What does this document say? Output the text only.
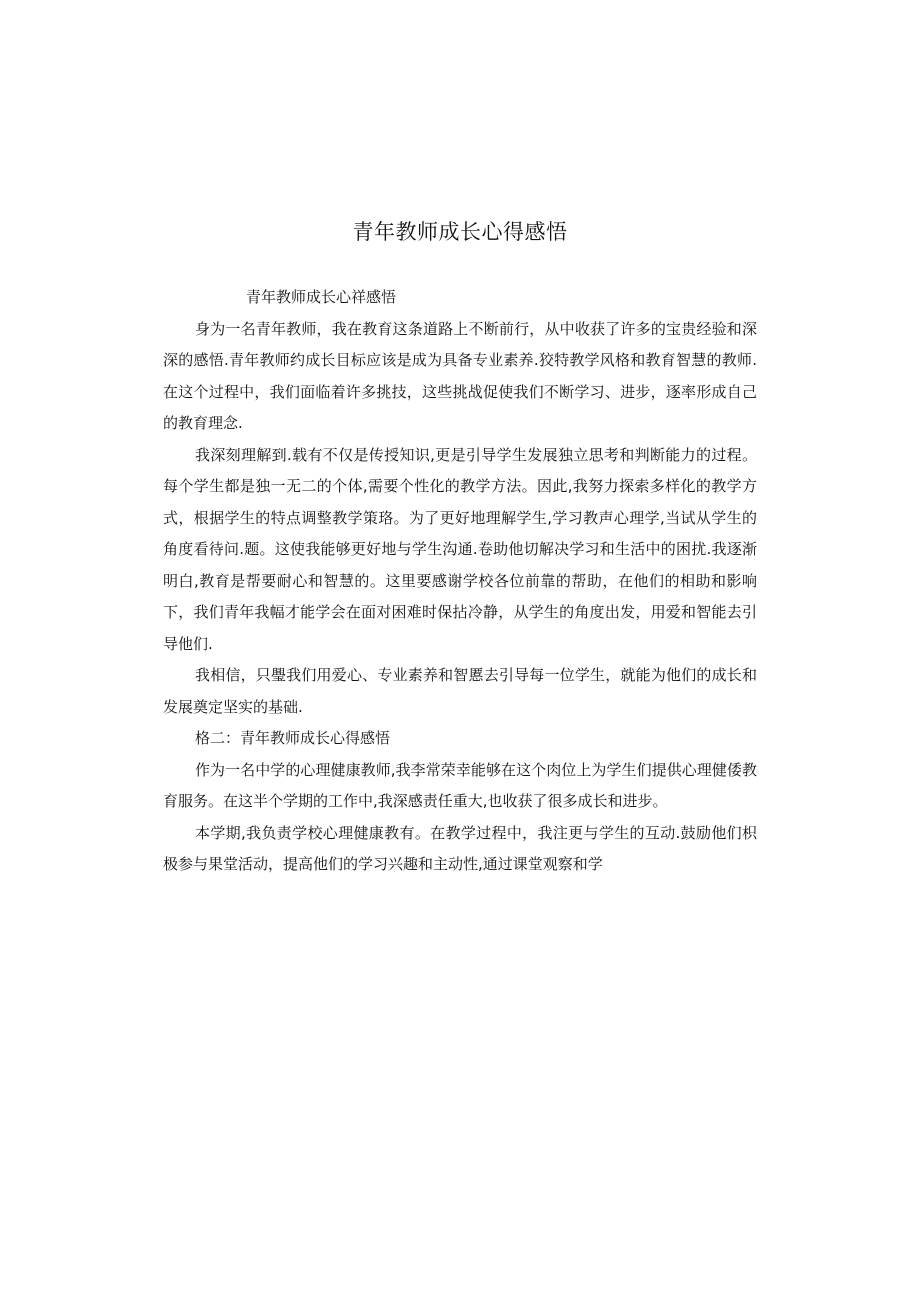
青年教师成长心得感悟

青年教师成长心祥感悟

身为一名青年教师，我在教育这条道路上不断前行，从中收获了许多的宝贵经验和深深的感悟.青年教师约成长目标应该是成为具备专业素养.狡特教学风格和教育智慧的教师.在这个过程中，我们面临着许多挑技，这些挑战促使我们不断学习、进步，逐率形成自己的教育理念.

我深刻理解到.载有不仅是传授知识,更是引导学生发展独立思考和判断能力的过程。每个学生都是独一无二的个体,需要个性化的教学方法。因此,我努力探索多样化的教学方式，根据学生的特点调整教学策珞。为了更好地理解学生,学习教声心理学,当试从学生的角度看待问.题。这使我能够更好地与学生沟通.卷助他切解决学习和生活中的困扰.我逐渐明白,教育是帮要耐心和智慧的。这里要感谢学校各位前靠的帮助，在他们的相助和影响下，我们青年我幅才能学会在面对困难时保拈冷静，从学生的角度出发，用爱和智能去引导他们.

我相信，只璺我们用爱心、专业素养和智慝去引导每一位学生，就能为他们的成长和发展奠定坚实的基础.

格二：青年教师成长心得感悟

作为一名中学的心理健康教师,我李常荣幸能够在这个肉位上为学生们提供心理健倭教育服务。在这半个学期的工作中,我深感责任重大,也收获了很多成长和进步。

本学期,我负责学校心理健康教有。在教学过程中，我注更与学生的互动.鼓励他们枳极参与果堂活动，提高他们的学习兴趣和主动性,通过课堂观察和学
